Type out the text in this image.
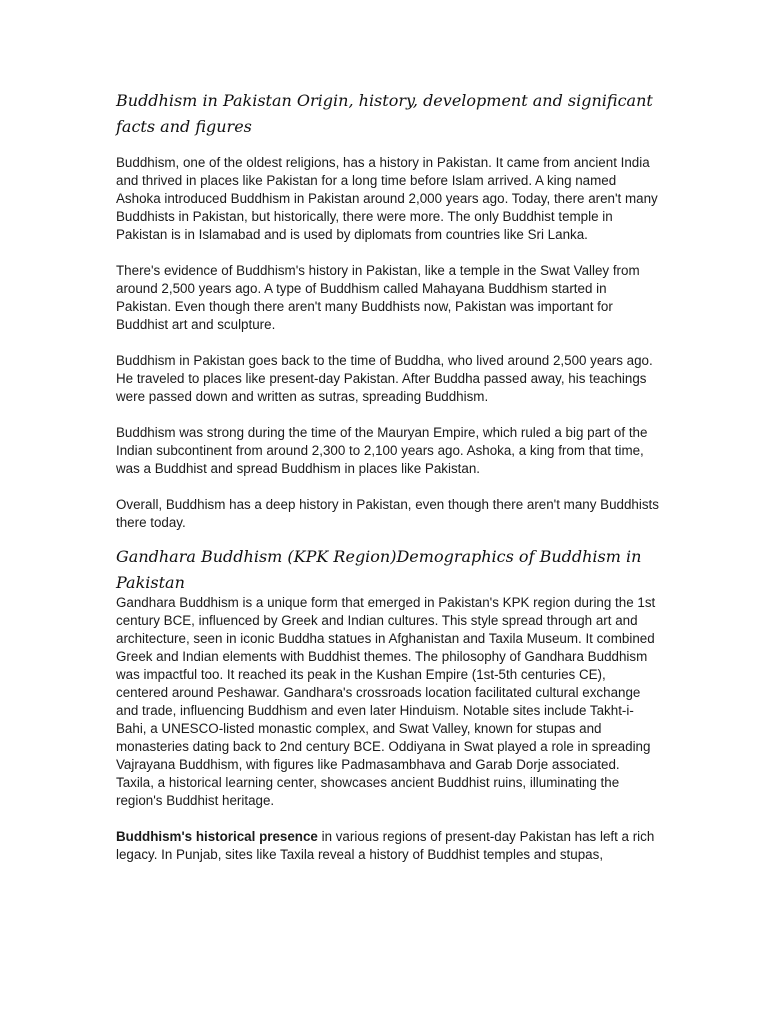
Buddhism in Pakistan Origin, history, development and significant facts and figures

Buddhism, one of the oldest religions, has a history in Pakistan. It came from ancient India and thrived in places like Pakistan for a long time before Islam arrived. A king named Ashoka introduced Buddhism in Pakistan around 2,000 years ago. Today, there aren't many Buddhists in Pakistan, but historically, there were more. The only Buddhist temple in Pakistan is in Islamabad and is used by diplomats from countries like Sri Lanka.

There's evidence of Buddhism's history in Pakistan, like a temple in the Swat Valley from around 2,500 years ago. A type of Buddhism called Mahayana Buddhism started in Pakistan. Even though there aren't many Buddhists now, Pakistan was important for Buddhist art and sculpture.

Buddhism in Pakistan goes back to the time of Buddha, who lived around 2,500 years ago. He traveled to places like present-day Pakistan. After Buddha passed away, his teachings were passed down and written as sutras, spreading Buddhism.

Buddhism was strong during the time of the Mauryan Empire, which ruled a big part of the Indian subcontinent from around 2,300 to 2,100 years ago. Ashoka, a king from that time, was a Buddhist and spread Buddhism in places like Pakistan.

Overall, Buddhism has a deep history in Pakistan, even though there aren't many Buddhists there today.

Gandhara Buddhism (KPK Region)Demographics of Buddhism in Pakistan

Gandhara Buddhism is a unique form that emerged in Pakistan's KPK region during the 1st century BCE, influenced by Greek and Indian cultures. This style spread through art and architecture, seen in iconic Buddha statues in Afghanistan and Taxila Museum. It combined Greek and Indian elements with Buddhist themes. The philosophy of Gandhara Buddhism was impactful too. It reached its peak in the Kushan Empire (1st-5th centuries CE), centered around Peshawar. Gandhara's crossroads location facilitated cultural exchange and trade, influencing Buddhism and even later Hinduism. Notable sites include Takht-i-Bahi, a UNESCO-listed monastic complex, and Swat Valley, known for stupas and monasteries dating back to 2nd century BCE. Oddiyana in Swat played a role in spreading Vajrayana Buddhism, with figures like Padmasambhava and Garab Dorje associated. Taxila, a historical learning center, showcases ancient Buddhist ruins, illuminating the region's Buddhist heritage.

Buddhism's historical presence in various regions of present-day Pakistan has left a rich legacy. In Punjab, sites like Taxila reveal a history of Buddhist temples and stupas,
